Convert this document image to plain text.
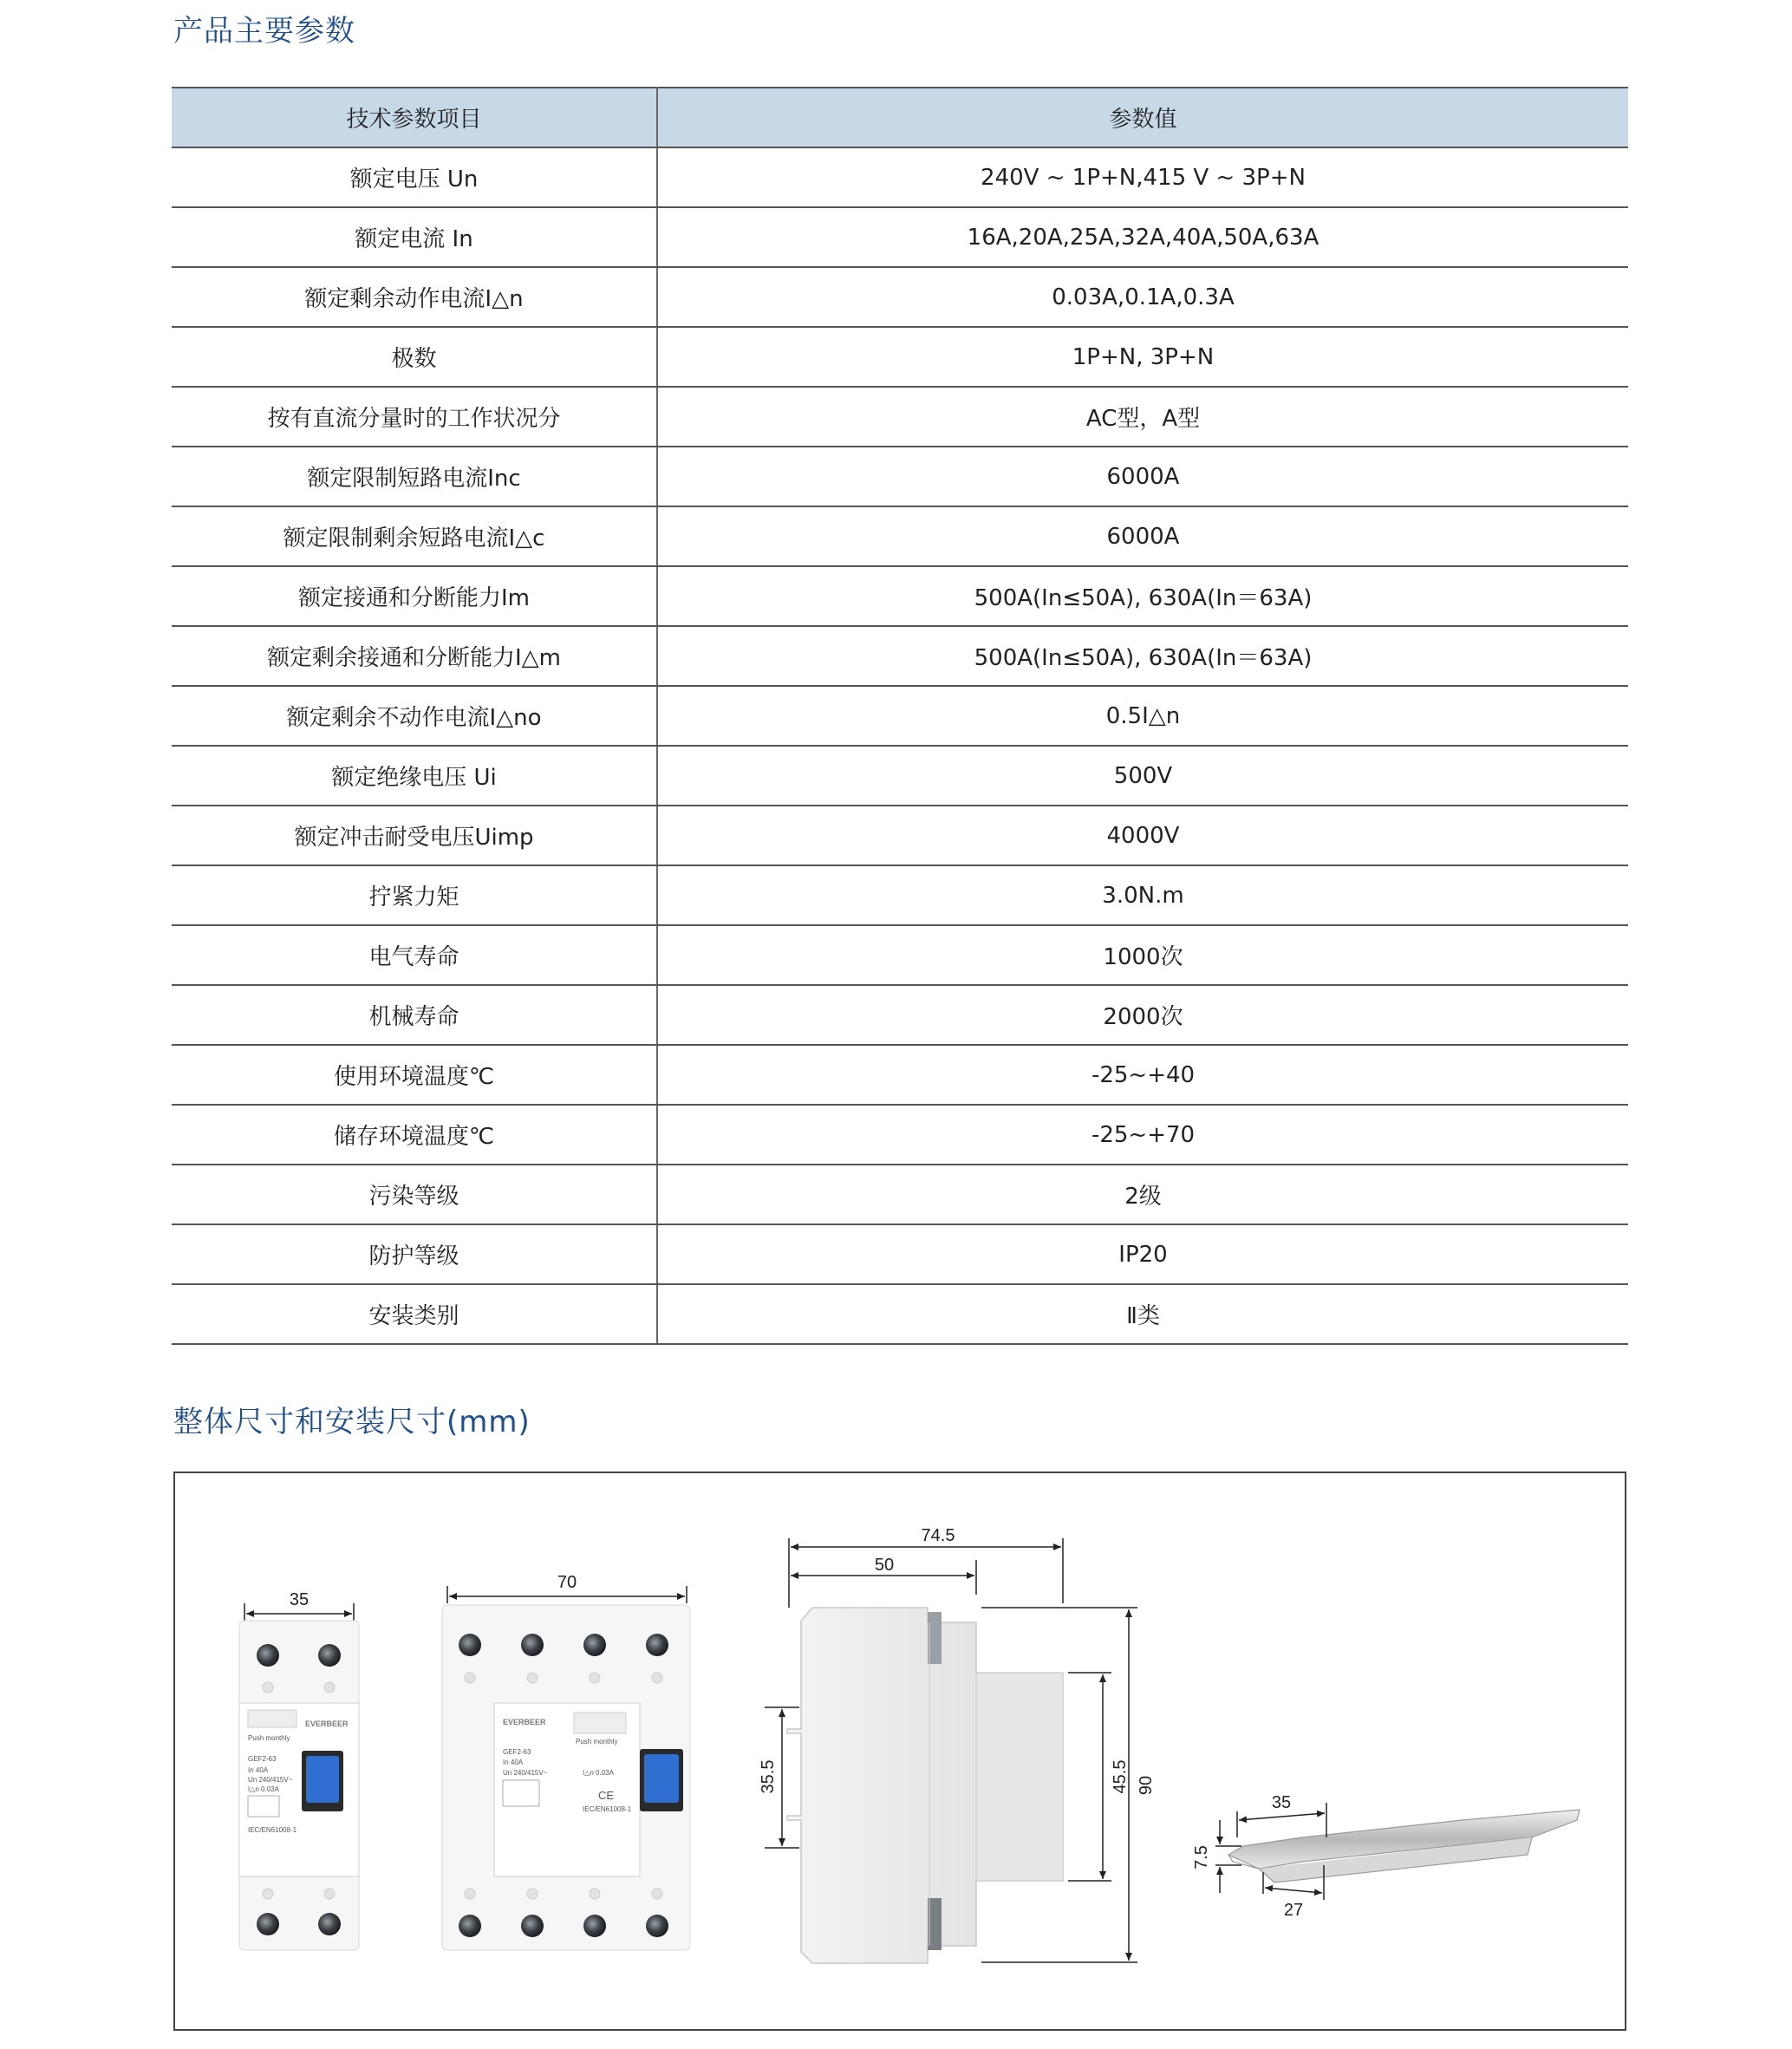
产品主要参数
技术参数项目	参数值
额定电压 Un	240V ~ 1P+N,415 V ~ 3P+N
额定电流 In	16A,20A,25A,32A,40A,50A,63A
额定剩余动作电流I△n	0.03A,0.1A,0.3A
极数	1P+N, 3P+N
按有直流分量时的工作状况分	AC型，A型
额定限制短路电流Inc	6000A
额定限制剩余短路电流I△c	6000A
额定接通和分断能力Im	500A(In≤50A), 630A(In＝63A)
额定剩余接通和分断能力I△m	500A(In≤50A), 630A(In＝63A)
额定剩余不动作电流I△no	0.5I△n
额定绝缘电压 Ui	500V
额定冲击耐受电压Uimp	4000V
拧紧力矩	3.0N.m
电气寿命	1000次
机械寿命	2000次
使用环境温度℃	-25~+40
储存环境温度℃	-25~+70
污染等级	2级
防护等级	IP20
安装类别	Ⅱ类
整体尺寸和安装尺寸(mm)
35
EVERBEER
Push monthly
GEF2-63
In 40A
Un 240/415V~
I△n 0.03A
IEC/EN61008-1
70
EVERBEER
Push monthly
GEF2-63
In 40A
Un 240/415V~	I△n 0.03A
CE
IEC/EN61008-1
74.5
50
90
45.5
35.5
35
7.5
27
